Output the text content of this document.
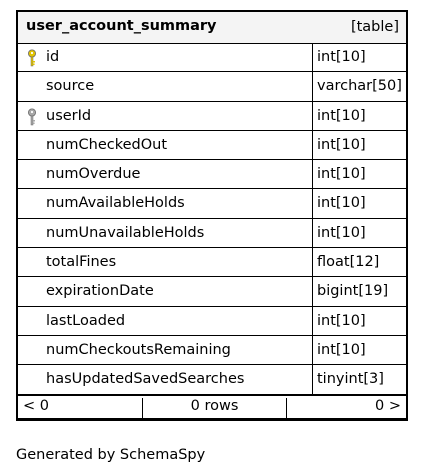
user_account_summary	[table]
id	int[10]
source	varchar[50]
userId	int[10]
numCheckedOut	int[10]
numOverdue	int[10]
numAvailableHolds	int[10]
numUnavailableHolds	int[10]
totalFines	float[12]
expirationDate	bigint[19]
lastLoaded	int[10]
numCheckoutsRemaining	int[10]
hasUpdatedSavedSearches	tinyint[3]
< 0	0 rows	0 >
Generated by SchemaSpy
